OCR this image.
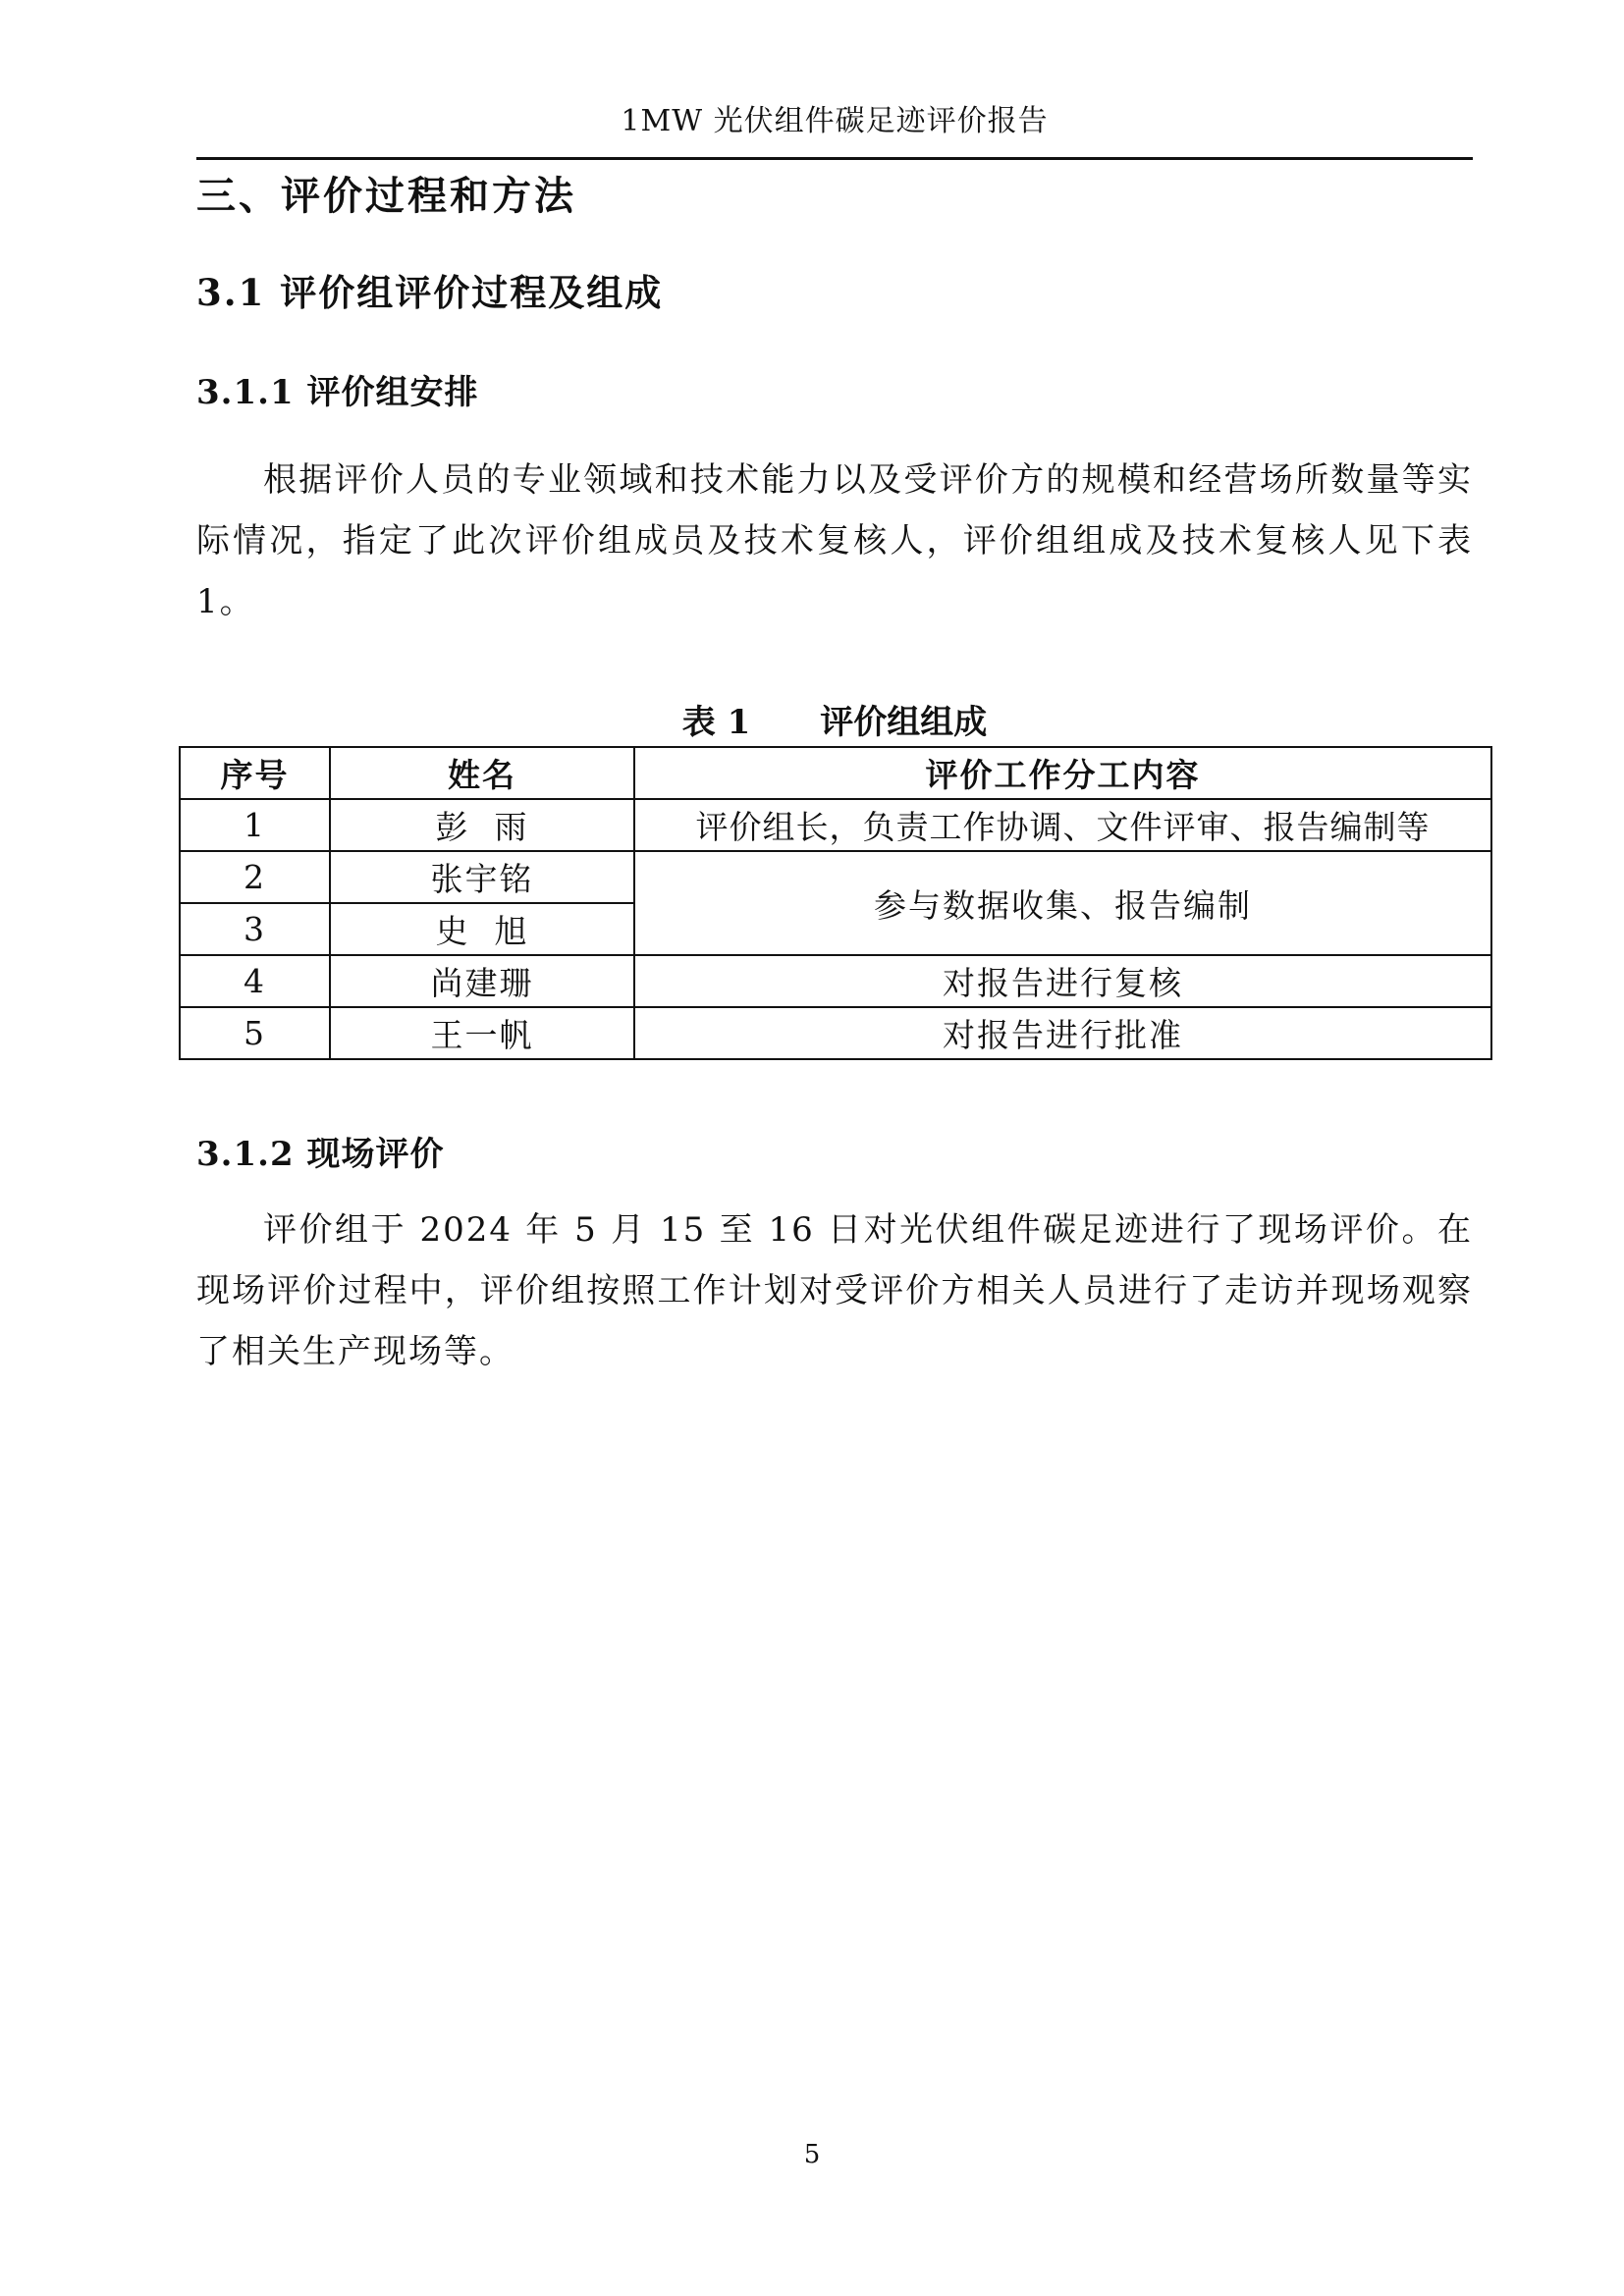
1MW 光伏组件碳足迹评价报告
三、评价过程和方法
3.1 评价组评价过程及组成
3.1.1 评价组安排

根据评价人员的专业领域和技术能力以及受评价方的规模和经营场所数量等实际情况，指定了此次评价组成员及技术复核人，评价组组成及技术复核人见下表 1。

表 1      评价组组成
序号	姓名	评价工作分工内容
1	彭  雨	评价组长，负责工作协调、文件评审、报告编制等
2	张宇铭	参与数据收集、报告编制
3	史  旭	
4	尚建珊	对报告进行复核
5	王一帆	对报告进行批准
3.1.2 现场评价

评价组于 2024 年 5 月 15 至 16 日对光伏组件碳足迹进行了现场评价。在现场评价过程中，评价组按照工作计划对受评价方相关人员进行了走访并现场观察了相关生产现场等。

5
